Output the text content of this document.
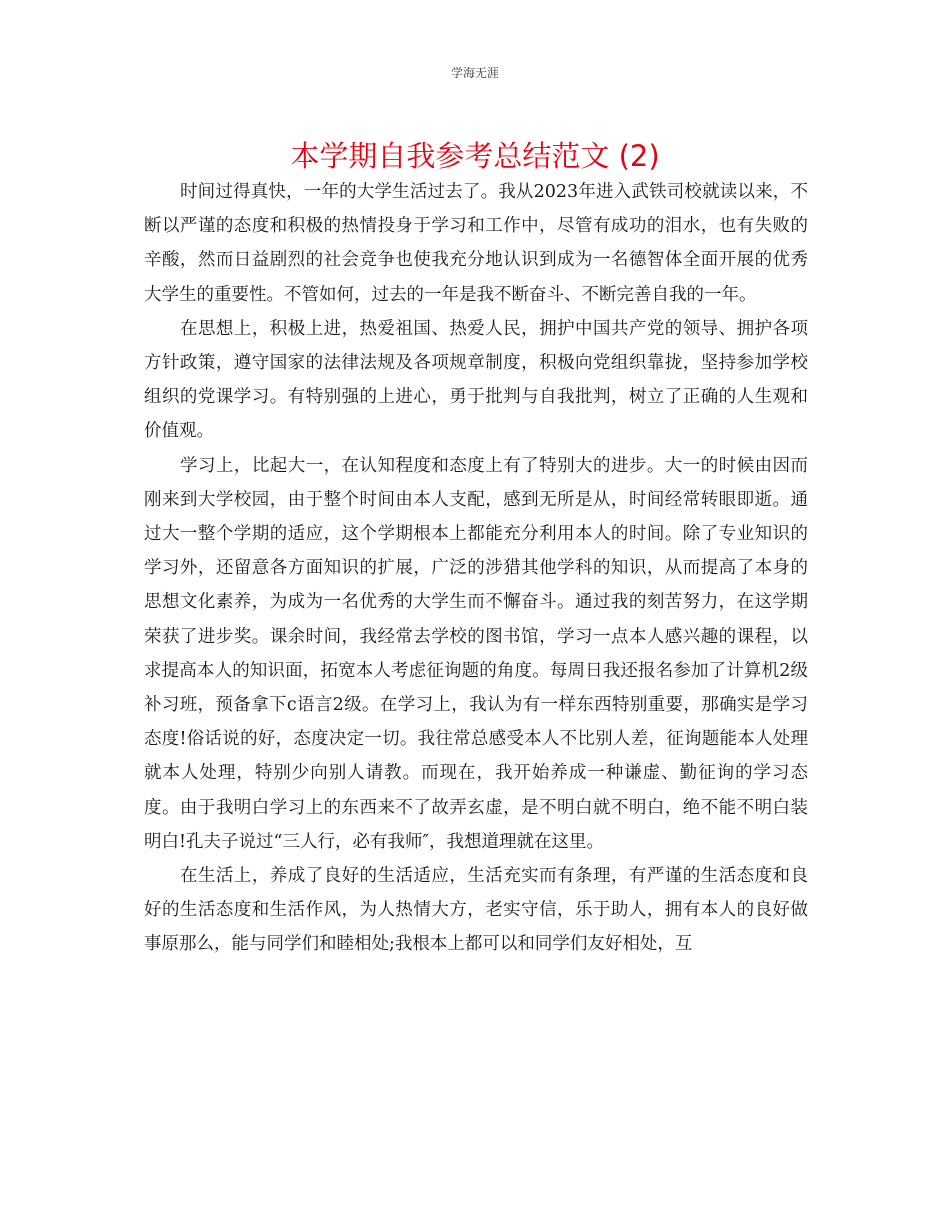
学海无涯
本学期自我参考总结范文 (2)

时间过得真快，一年的大学生活过去了。我从2023年进入武铁司校就读以来，不断以严谨的态度和积极的热情投身于学习和工作中，尽管有成功的泪水，也有失败的辛酸，然而日益剧烈的社会竞争也使我充分地认识到成为一名德智体全面开展的优秀大学生的重要性。不管如何，过去的一年是我不断奋斗、不断完善自我的一年。

在思想上，积极上进，热爱祖国、热爱人民，拥护中国共产党的领导、拥护各项方针政策，遵守国家的法律法规及各项规章制度，积极向党组织靠拢，坚持参加学校组织的党课学习。有特别强的上进心，勇于批判与自我批判，树立了正确的人生观和价值观。

学习上，比起大一，在认知程度和态度上有了特别大的进步。大一的时候由因而刚来到大学校园，由于整个时间由本人支配，感到无所是从，时间经常转眼即逝。通过大一整个学期的适应，这个学期根本上都能充分利用本人的时间。除了专业知识的学习外，还留意各方面知识的扩展，广泛的涉猎其他学科的知识，从而提高了本身的思想文化素养，为成为一名优秀的大学生而不懈奋斗。通过我的刻苦努力，在这学期荣获了进步奖。课余时间，我经常去学校的图书馆，学习一点本人感兴趣的课程，以求提高本人的知识面，拓宽本人考虑征询题的角度。每周日我还报名参加了计算机2级补习班，预备拿下c语言2级。在学习上，我认为有一样东西特别重要，那确实是学习态度!俗话说的好，态度决定一切。我往常总感受本人不比别人差，征询题能本人处理就本人处理，特别少向别人请教。而现在，我开始养成一种谦虚、勤征询的学习态度。由于我明白学习上的东西来不了故弄玄虚，是不明白就不明白，绝不能不明白装明白!孔夫子说过“三人行，必有我师″，我想道理就在这里。

在生活上，养成了良好的生活适应，生活充实而有条理，有严谨的生活态度和良好的生活态度和生活作风，为人热情大方，老实守信，乐于助人，拥有本人的良好做事原那么，能与同学们和睦相处;我根本上都可以和同学们友好相处，互
